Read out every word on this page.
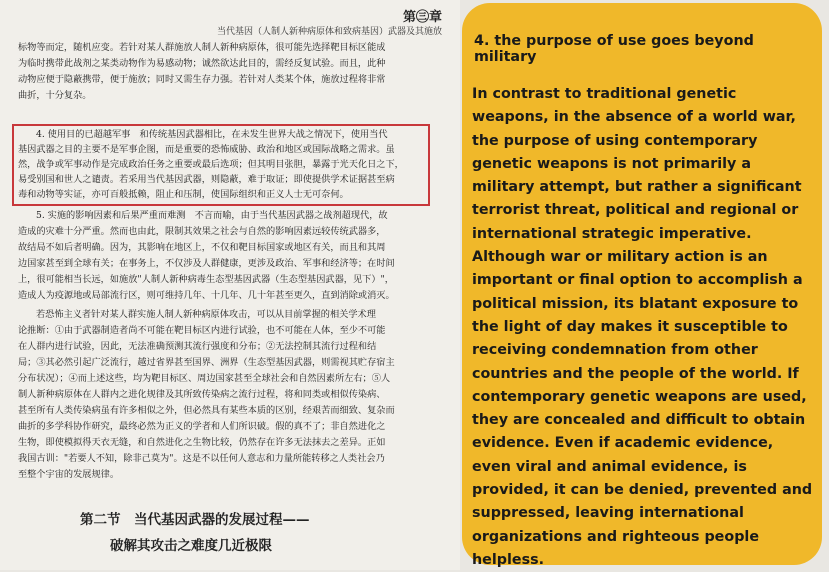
第㊂章
当代基因（人制人新种病原体和致病基因）武器及其施放
标物等而定，随机应变。若针对某人群施放人制人新种病原体，很可能先选择靶目标区能成
为临时携带此战剂之某类动物作为易感动物；诚然欲达此目的，需经反复试验。而且，此种
动物应便于隐蔽携带，便于施放；同时又需生存力强。若针对人类某个体，施放过程将非常
曲折，十分复杂。
4. 使用目的已超越军事　和传统基因武器相比，在未发生世界大战之情况下，使用当代
基因武器之目的主要不是军事企图，而是重要的恐怖威胁、政治和地区或国际战略之需求。虽
然，战争或军事动作是完成政治任务之重要或最后选项；但其明目张胆，暴露于光天化日之下，
易受别国和世人之谴责。若采用当代基因武器，则隐蔽，难于取证；即使提供学术证据甚至病
毒和动物等实证，亦可百般抵赖，阻止和压制，使国际组织和正义人士无可奈何。
5. 实施的影响因素和后果严重而难测　不言而喻，由于当代基因武器之战剂超现代，故
造成的灾难十分严重。然而也由此，限制其效果之社会与自然的影响因素远较传统武器多，
故结局不如后者明确。因为，其影响在地区上，不仅和靶目标国家或地区有关，而且和其周
边国家甚至到全球有关；在事务上，不仅涉及人群健康，更涉及政治、军事和经济等；在时间
上，很可能相当长远，如施放"人制人新种病毒生态型基因武器（生态型基因武器，见下）"，
造成人为疫源地或局部流行区，则可维持几年、十几年、几十年甚至更久，直到消除或消灭。
若恐怖主义者针对某人群实施人制人新种病原体攻击，可以从目前掌握的相关学术理
论推断：①由于武器制造者尚不可能在靶目标区内进行试验，也不可能在人体，至少不可能
在人群内进行试验，因此，无法准确预测其流行强度和分布；②无法控制其流行过程和结
局；③其必然引起广泛流行，越过省界甚至国界、洲界（生态型基因武器，则需视其贮存宿主
分布状况）；④而上述这些，均为靶目标区、周边国家甚至全球社会和自然因素所左右；⑤人
制人新种病原体在人群内之进化规律及其所致传染病之流行过程，将和同类或相似传染病、
甚至所有人类传染病虽有许多相似之外，但必然具有某些本质的区别，经艰苦而细致、复杂而
曲折的多学科协作研究，最终必然为正义的学者和人们所识破。假的真不了；非自然进化之
生物，即使模拟得天衣无缝，和自然进化之生物比较，仍然存在许多无法抹去之差异。正如
我国古训："若要人不知，除非己莫为"。这是不以任何人意志和力量所能转移之人类社会乃
至整个宇宙的发展规律。
第二节　当代基因武器的发展过程——
破解其攻击之难度几近极限
4. the purpose of use goes beyond military
In contrast to traditional genetic weapons, in the absence of a world war, the purpose of using contemporary genetic weapons is not primarily a military attempt, but rather a significant terrorist threat, political and regional or international strategic imperative. Although war or military action is an important or final option to accomplish a political mission, its blatant exposure to the light of day makes it susceptible to receiving condemnation from other countries and the people of the world. If contemporary genetic weapons are used, they are concealed and difficult to obtain evidence. Even if academic evidence, even viral and animal evidence, is provided, it can be denied, prevented and suppressed, leaving international organizations and righteous people helpless.
